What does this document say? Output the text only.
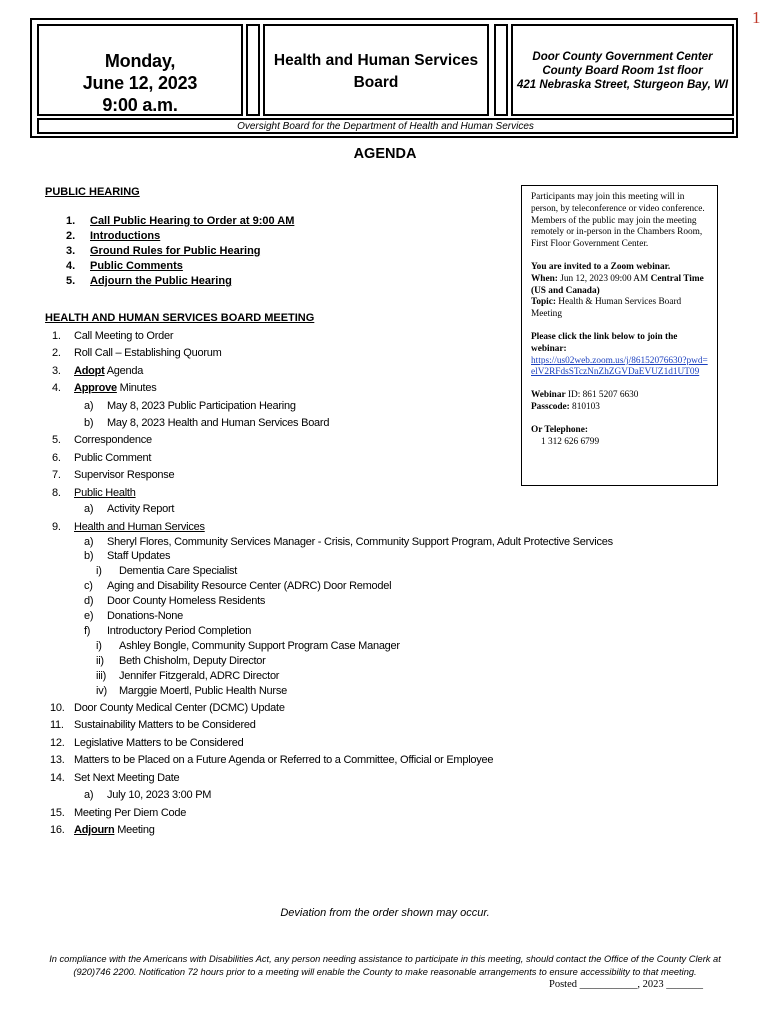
1
Monday,
June 12, 2023
9:00 a.m.
Health and Human Services
Board
Door County Government Center
County Board Room 1st floor
421 Nebraska Street, Sturgeon Bay, WI
Oversight Board for the Department of Health and Human Services
AGENDA
PUBLIC HEARING
1.	Call Public Hearing to Order at 9:00 AM
2.	Introductions
3.	Ground Rules for Public Hearing
4.	Public Comments
5.	Adjourn the Public Hearing
HEALTH AND HUMAN SERVICES BOARD MEETING
1. Call Meeting to Order
2. Roll Call – Establishing Quorum
3. Adopt Agenda
4. Approve Minutes
a) May 8, 2023 Public Participation Hearing
b) May 8, 2023 Health and Human Services Board
5. Correspondence
6. Public Comment
7. Supervisor Response
8. Public Health
a) Activity Report
9. Health and Human Services
a) Sheryl Flores, Community Services Manager - Crisis, Community Support Program, Adult Protective Services
b) Staff Updates
i) Dementia Care Specialist
c) Aging and Disability Resource Center (ADRC) Door Remodel
d) Door County Homeless Residents
e) Donations-None
f) Introductory Period Completion
i) Ashley Bongle, Community Support Program Case Manager
ii) Beth Chisholm, Deputy Director
iii) Jennifer Fitzgerald, ADRC Director
iv) Marggie Moertl, Public Health Nurse
10. Door County Medical Center (DCMC) Update
11. Sustainability Matters to be Considered
12. Legislative Matters to be Considered
13. Matters to be Placed on a Future Agenda or Referred to a Committee, Official or Employee
14. Set Next Meeting Date
a) July 10, 2023 3:00 PM
15. Meeting Per Diem Code
16. Adjourn Meeting

Participants may join this meeting will in person, by teleconference or video conference. Members of the public may join the meeting remotely or in-person in the Chambers Room, First Floor Government Center.

You are invited to a Zoom webinar.
When: Jun 12, 2023 09:00 AM Central Time (US and Canada)
Topic: Health & Human Services Board Meeting

Please click the link below to join the webinar:
https://us02web.zoom.us/j/86152076630?pwd=elV2RFdsSTczNnZhZGVDaEVUZ1d1UT09

Webinar ID: 861 5207 6630
Passcode: 810103

Or Telephone:
1 312 626 6799

Deviation from the order shown may occur.
In compliance with the Americans with Disabilities Act, any person needing assistance to participate in this meeting, should contact the Office of the County Clerk at (920)746 2200. Notification 72 hours prior to a meeting will enable the County to make reasonable arrangements to ensure accessibility to that meeting.
Posted ___________, 2023 _______
